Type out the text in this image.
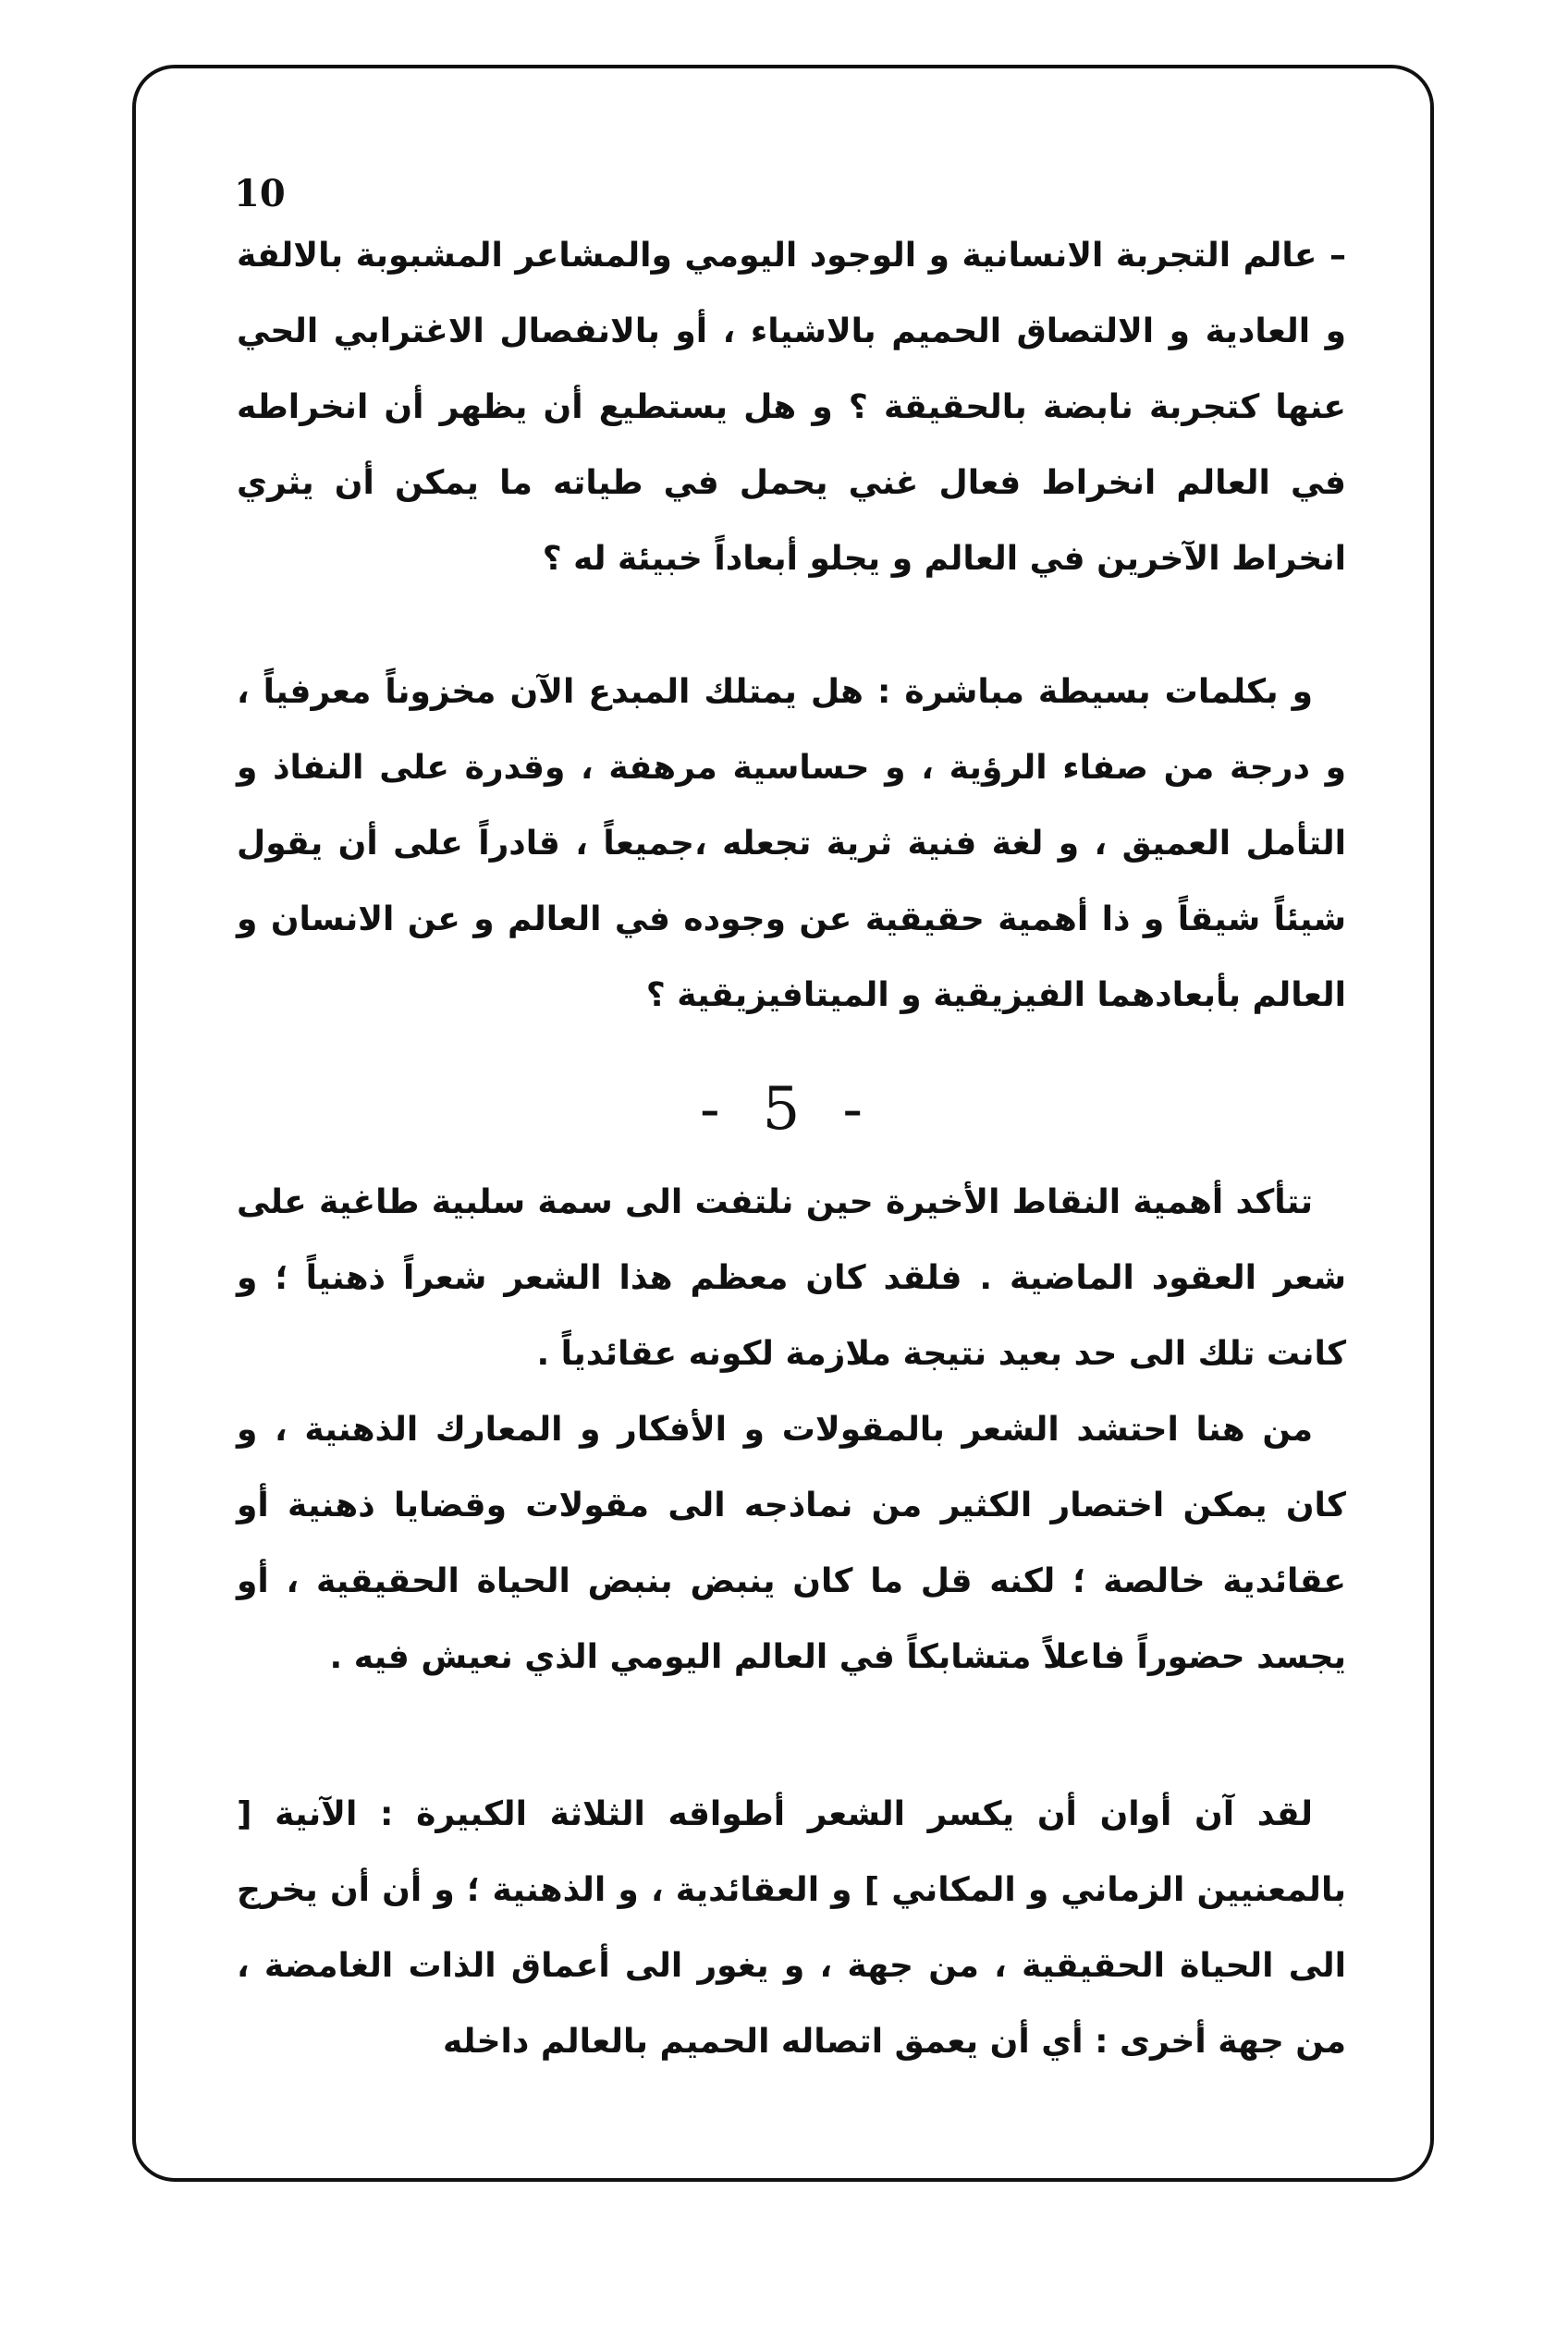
10

– عالم التجربة الانسانية و الوجود اليومي والمشاعر المشبوبة بالالفة و العادية و الالتصاق الحميم بالاشياء ، أو بالانفصال الاغترابي الحي عنها كتجربة نابضة بالحقيقة ؟ و هل يستطيع أن يظهر أن انخراطه في العالم انخراط فعال غني يحمل في طياته ما يمكن أن يثري انخراط الآخرين في العالم و يجلو أبعاداً خبيئة له ؟

و بكلمات بسيطة مباشرة : هل يمتلك المبدع الآن مخزوناً معرفياً ، و درجة من صفاء الرؤية ، و حساسية مرهفة ، وقدرة على النفاذ و التأمل العميق ، و لغة فنية ثرية تجعله ،جميعاً ، قادراً على أن يقول شيئاً شيقاً و ذا أهمية حقيقية عن وجوده في العالم و عن الانسان و العالم بأبعادهما الفيزيقية و الميتافيزيقية ؟

- 5 -

تتأكد أهمية النقاط الأخيرة حين نلتفت الى سمة سلبية طاغية على شعر العقود الماضية . فلقد كان معظم هذا الشعر شعراً ذهنياً ؛ و كانت تلك الى حد بعيد نتيجة ملازمة لكونه عقائدياً .

من هنا احتشد الشعر بالمقولات و الأفكار و المعارك الذهنية ، و كان يمكن اختصار الكثير من نماذجه الى مقولات وقضايا ذهنية أو عقائدية خالصة ؛ لكنه قل ما كان ينبض بنبض الحياة الحقيقية ، أو يجسد حضوراً فاعلاً متشابكاً في العالم اليومي الذي نعيش فيه .

لقد آن أوان أن يكسر الشعر أطواقه الثلاثة الكبيرة : الآنية [ بالمعنيين الزماني و المكاني ] و العقائدية ، و الذهنية ؛ و أن أن يخرج الى الحياة الحقيقية ، من جهة ، و يغور الى أعماق الذات الغامضة ، من جهة أخرى : أي أن يعمق اتصاله الحميم بالعالم داخله
